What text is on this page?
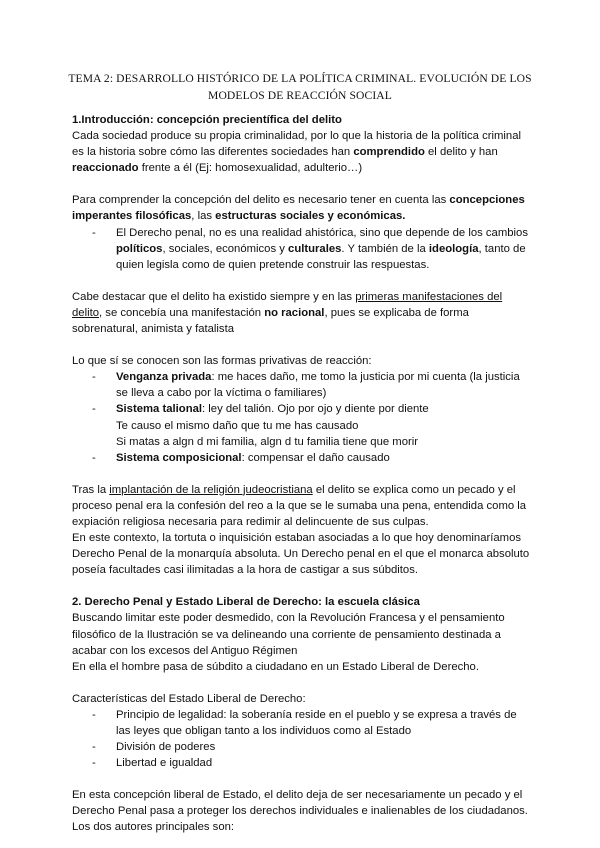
TEMA 2: DESARROLLO HISTÓRICO DE LA POLÍTICA CRIMINAL. EVOLUCIÓN DE LOS
MODELOS DE REACCIÓN SOCIAL
1.Introducción: concepción precientífica del delito

Cada sociedad produce su propia criminalidad, por lo que la historia de la política criminal es la historia sobre cómo las diferentes sociedades han comprendido el delito y han reaccionado frente a él (Ej: homosexualidad, adulterio…)

Para comprender la concepción del delito es necesario tener en cuenta las concepciones imperantes filosóficas, las estructuras sociales y económicas.

- El Derecho penal, no es una realidad ahistórica, sino que depende de los cambios políticos, sociales, económicos y culturales. Y también de la ideología, tanto de quien legisla como de quien pretende construir las respuestas.

Cabe destacar que el delito ha existido siempre y en las primeras manifestaciones del delito, se concebía una manifestación no racional, pues se explicaba de forma sobrenatural, animista y fatalista

Lo que sí se conocen son las formas privativas de reacción:

- Venganza privada: me haces daño, me tomo la justicia por mi cuenta (la justicia se lleva a cabo por la víctima o familiares)
- Sistema talional: ley del talión. Ojo por ojo y diente por diente
Te causo el mismo daño que tu me has causado
Si matas a algn d mi familia, algn d tu familia tiene que morir
- Sistema composicional: compensar el daño causado

Tras la implantación de la religión judeocristiana el delito se explica como un pecado y el proceso penal era la confesión del reo a la que se le sumaba una pena, entendida como la expiación religiosa necesaria para redimir al delincuente de sus culpas.

En este contexto, la tortuta o inquisición estaban asociadas a lo que hoy denominaríamos Derecho Penal de la monarquía absoluta. Un Derecho penal en el que el monarca absoluto poseía facultades casi ilimitadas a la hora de castigar a sus súbditos.

2. Derecho Penal y Estado Liberal de Derecho: la escuela clásica

Buscando limitar este poder desmedido, con la Revolución Francesa y el pensamiento filosófico de la Ilustración se va delineando una corriente de pensamiento destinada a acabar con los excesos del Antiguo Régimen

En ella el hombre pasa de súbdito a ciudadano en un Estado Liberal de Derecho.

Características del Estado Liberal de Derecho:

- Principio de legalidad: la soberanía reside en el pueblo y se expresa a través de las leyes que obligan tanto a los individuos como al Estado
- División de poderes
- Libertad e igualdad

En esta concepción liberal de Estado, el delito deja de ser necesariamente un pecado y el Derecho Penal pasa a proteger los derechos individuales e inalienables de los ciudadanos.

Los dos autores principales son:
